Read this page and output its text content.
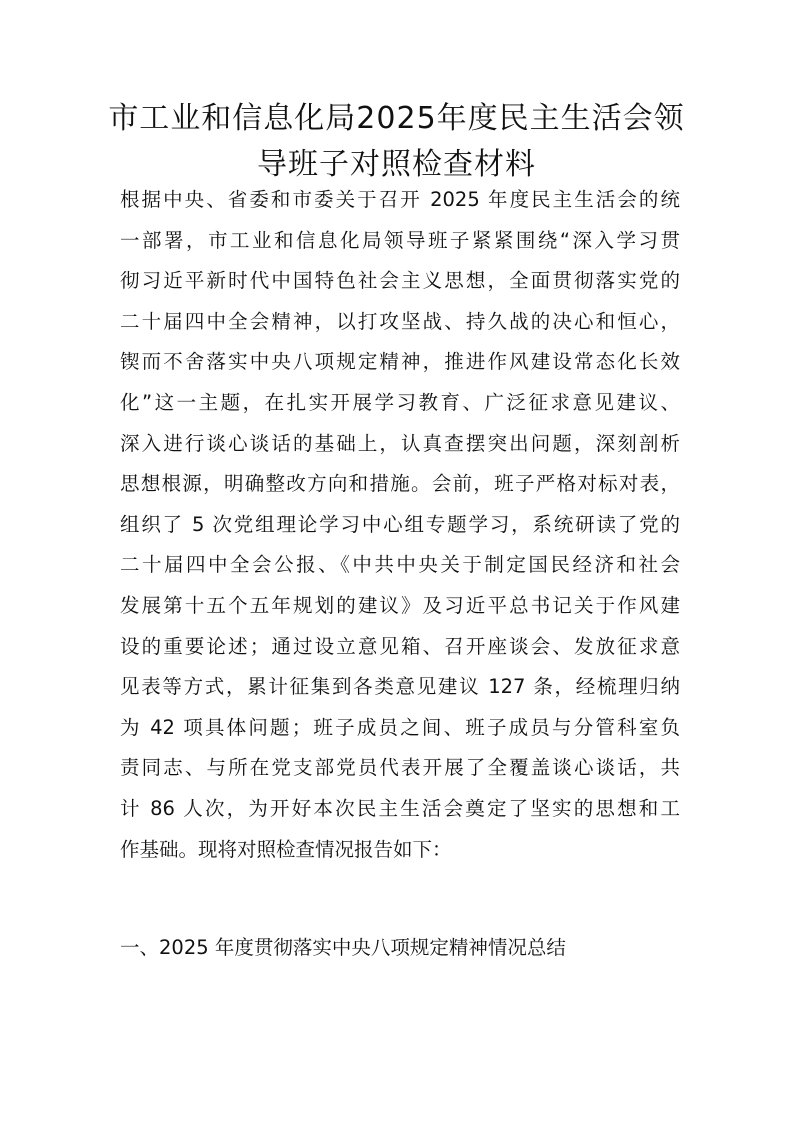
市工业和信息化局2025年度民主生活会领
导班子对照检查材料
根据中央、省委和市委关于召开 2025 年度民主生活会的统
一部署，市工业和信息化局领导班子紧紧围绕“深入学习贯
彻习近平新时代中国特色社会主义思想，全面贯彻落实党的
二十届四中全会精神，以打攻坚战、持久战的决心和恒心，
锲而不舍落实中央八项规定精神，推进作风建设常态化长效
化”这一主题，在扎实开展学习教育、广泛征求意见建议、
深入进行谈心谈话的基础上，认真查摆突出问题，深刻剖析
思想根源，明确整改方向和措施。会前，班子严格对标对表，
组织了 5 次党组理论学习中心组专题学习，系统研读了党的
二十届四中全会公报、《中共中央关于制定国民经济和社会
发展第十五个五年规划的建议》及习近平总书记关于作风建
设的重要论述；通过设立意见箱、召开座谈会、发放征求意
见表等方式，累计征集到各类意见建议 127 条，经梳理归纳
为 42 项具体问题；班子成员之间、班子成员与分管科室负
责同志、与所在党支部党员代表开展了全覆盖谈心谈话，共
计 86 人次，为开好本次民主生活会奠定了坚实的思想和工
作基础。现将对照检查情况报告如下：
一、2025 年度贯彻落实中央八项规定精神情况总结
